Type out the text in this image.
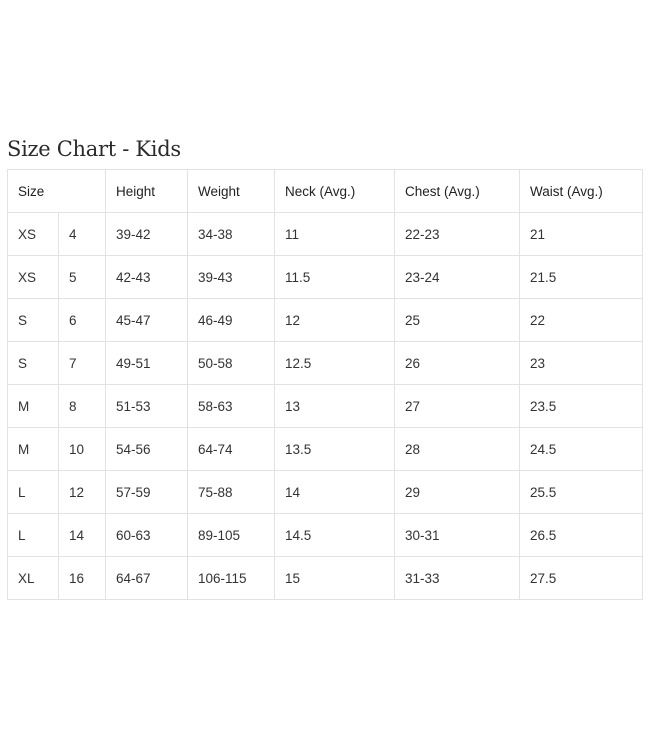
Size Chart - Kids
Size		Height	Weight	Neck (Avg.)	Chest (Avg.)	Waist (Avg.)
XS	4	39-42	34-38	11	22-23	21
XS	5	42-43	39-43	11.5	23-24	21.5
S	6	45-47	46-49	12	25	22
S	7	49-51	50-58	12.5	26	23
M	8	51-53	58-63	13	27	23.5
M	10	54-56	64-74	13.5	28	24.5
L	12	57-59	75-88	14	29	25.5
L	14	60-63	89-105	14.5	30-31	26.5
XL	16	64-67	106-115	15	31-33	27.5
